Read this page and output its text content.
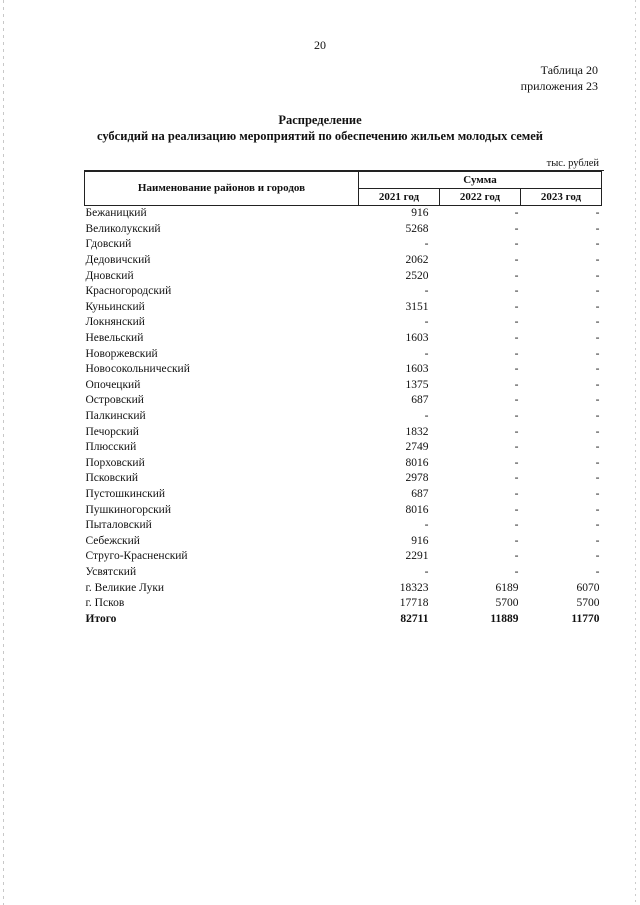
20
Таблица 20
приложения 23
Распределение
субсидий на реализацию мероприятий по обеспечению жильем молодых семей
тыс. рублей
Наименование районов и городов	Сумма		
	2021 год	2022 год	2023 год
Бежаницкий	916	-	-
Великолукский	5268	-	-
Гдовский	-	-	-
Дедовичский	2062	-	-
Дновский	2520	-	-
Красногородский	-	-	-
Куньинский	3151	-	-
Локнянский	-	-	-
Невельский	1603	-	-
Новоржевский	-	-	-
Новосокольнический	1603	-	-
Опочецкий	1375	-	-
Островский	687	-	-
Палкинский	-	-	-
Печорский	1832	-	-
Плюсский	2749	-	-
Порховский	8016	-	-
Псковский	2978	-	-
Пустошкинский	687	-	-
Пушкиногорский	8016	-	-
Пыталовский	-	-	-
Себежский	916	-	-
Струго-Красненский	2291	-	-
Усвятский	-	-	-
г. Великие Луки	18323	6189	6070
г. Псков	17718	5700	5700
Итого	82711	11889	11770
